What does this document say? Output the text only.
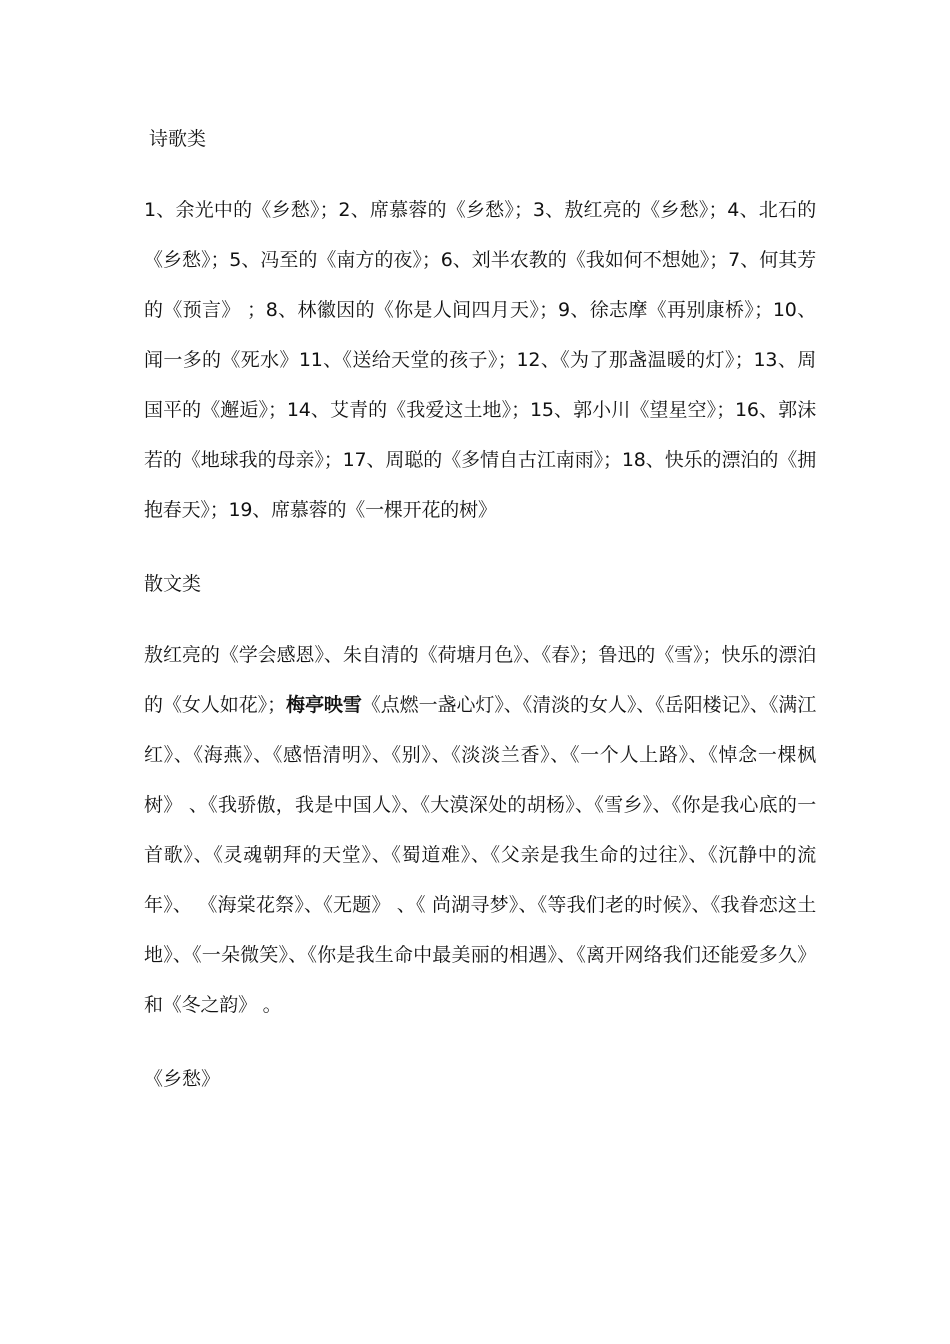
诗歌类
1、余光中的《乡愁》；2、席慕蓉的《乡愁》；3、敖红亮的《乡愁》；4、北石的《乡愁》；5、冯至的《南方的夜》；6、刘半农教的《我如何不想她》；7、何其芳的《预言》 ；8、林徽因的《你是人间四月天》；9、徐志摩《再别康桥》；10、闻一多的《死水》11、《送给天堂的孩子》；12、《为了那盏温暖的灯》；13、周国平的《邂逅》；14、艾青的《我爱这土地》；15、郭小川《望星空》；16、郭沫若的《地球我的母亲》；17、周聪的《多情自古江南雨》；18、快乐的漂泊的《拥抱春天》；19、席慕蓉的《一棵开花的树》
散文类
敖红亮的《学会感恩》、朱自清的《荷塘月色》、《春》；鲁迅的《雪》；快乐的漂泊的《女人如花》；梅亭映雪《点燃一盏心灯》、《清淡的女人》、《岳阳楼记》、《满江红》、《海燕》、《感悟清明》、《别》、《淡淡兰香》、《一个人上路》、《悼念一棵枫树》 、《我骄傲，我是中国人》、《大漠深处的胡杨》、《雪乡》、《你是我心底的一首歌》、《灵魂朝拜的天堂》、《蜀道难》、《父亲是我生命的过往》、《沉静中的流年》、 《海棠花祭》、《无题》 、《 尚湖寻梦》、《等我们老的时候》、《我眷恋这土地》、《一朵微笑》、《你是我生命中最美丽的相遇》、《离开网络我们还能爱多久》和《冬之韵》 。
《乡愁》
